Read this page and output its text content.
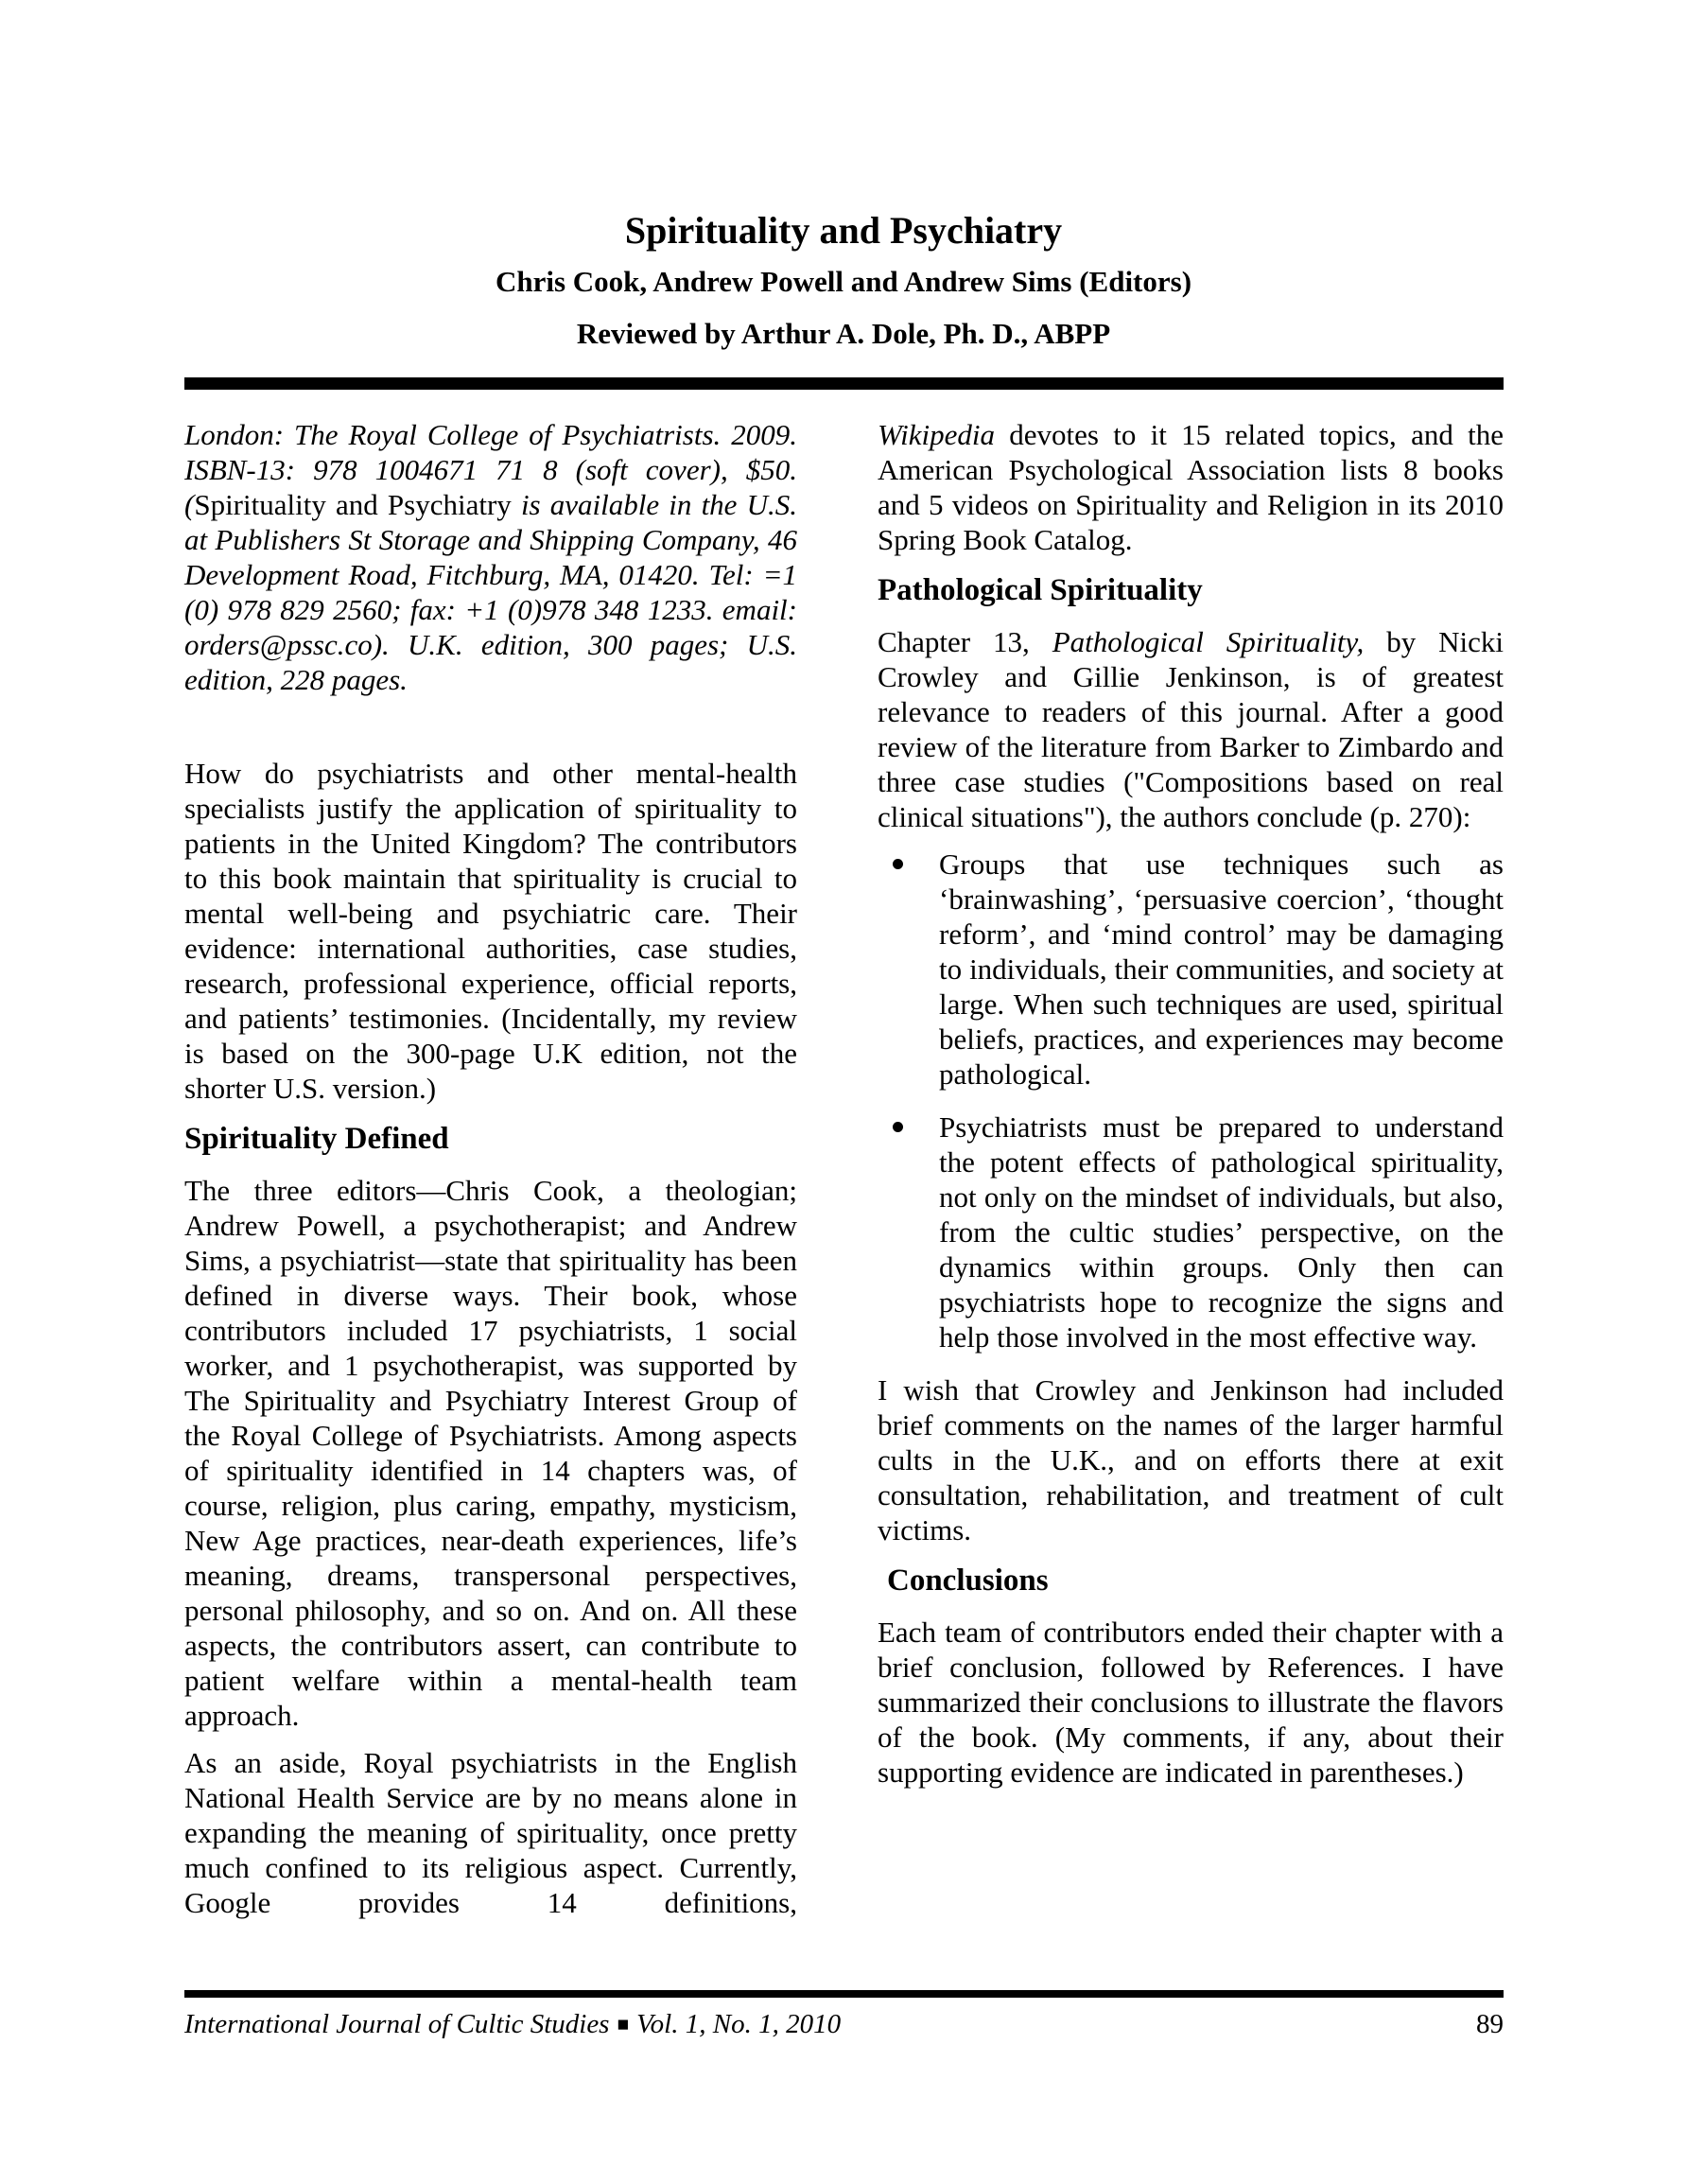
Spirituality and Psychiatry
Chris Cook, Andrew Powell and Andrew Sims (Editors)
Reviewed by Arthur A. Dole, Ph. D., ABPP

London: The Royal College of Psychiatrists. 2009. ISBN-13: 978 1004671 71 8 (soft cover), $50. (Spirituality and Psychiatry is available in the U.S. at Publishers St Storage and Shipping Company, 46 Development Road, Fitchburg, MA, 01420. Tel: =1 (0) 978 829 2560; fax: +1 (0)978 348 1233. email: orders@pssc.co). U.K. edition, 300 pages; U.S. edition, 228 pages.

How do psychiatrists and other mental-health specialists justify the application of spirituality to patients in the United Kingdom? The contributors to this book maintain that spirituality is crucial to mental well-being and psychiatric care. Their evidence: international authorities, case studies, research, professional experience, official reports, and patients’ testimonies. (Incidentally, my review is based on the 300-page U.K edition, not the shorter U.S. version.)

Spirituality Defined

The three editors—Chris Cook, a theologian; Andrew Powell, a psychotherapist; and Andrew Sims, a psychiatrist—state that spirituality has been defined in diverse ways. Their book, whose contributors included 17 psychiatrists, 1 social worker, and 1 psychotherapist, was supported by The Spirituality and Psychiatry Interest Group of the Royal College of Psychiatrists. Among aspects of spirituality identified in 14 chapters was, of course, religion, plus caring, empathy, mysticism, New Age practices, near-death experiences, life’s meaning, dreams, transpersonal perspectives, personal philosophy, and so on. And on. All these aspects, the contributors assert, can contribute to patient welfare within a mental-health team approach.

As an aside, Royal psychiatrists in the English National Health Service are by no means alone in expanding the meaning of spirituality, once pretty much confined to its religious aspect. Currently, Google provides 14 definitions,

Wikipedia devotes to it 15 related topics, and the American Psychological Association lists 8 books and 5 videos on Spirituality and Religion in its 2010 Spring Book Catalog.

Pathological Spirituality

Chapter 13, Pathological Spirituality, by Nicki Crowley and Gillie Jenkinson, is of greatest relevance to readers of this journal. After a good review of the literature from Barker to Zimbardo and three case studies ("Compositions based on real clinical situations"), the authors conclude (p. 270):

Groups that use techniques such as ‘brainwashing’, ‘persuasive coercion’, ‘thought reform’, and ‘mind control’ may be damaging to individuals, their communities, and society at large. When such techniques are used, spiritual beliefs, practices, and experiences may become pathological.
Psychiatrists must be prepared to understand the potent effects of pathological spirituality, not only on the mindset of individuals, but also, from the cultic studies’ perspective, on the dynamics within groups. Only then can psychiatrists hope to recognize the signs and help those involved in the most effective way.

I wish that Crowley and Jenkinson had included brief comments on the names of the larger harmful cults in the U.K., and on efforts there at exit consultation, rehabilitation, and treatment of cult victims.

Conclusions

Each team of contributors ended their chapter with a brief conclusion, followed by References. I have summarized their conclusions to illustrate the flavors of the book. (My comments, if any, about their supporting evidence are indicated in parentheses.)

International Journal of Cultic Studies ■ Vol. 1, No. 1, 2010	89
